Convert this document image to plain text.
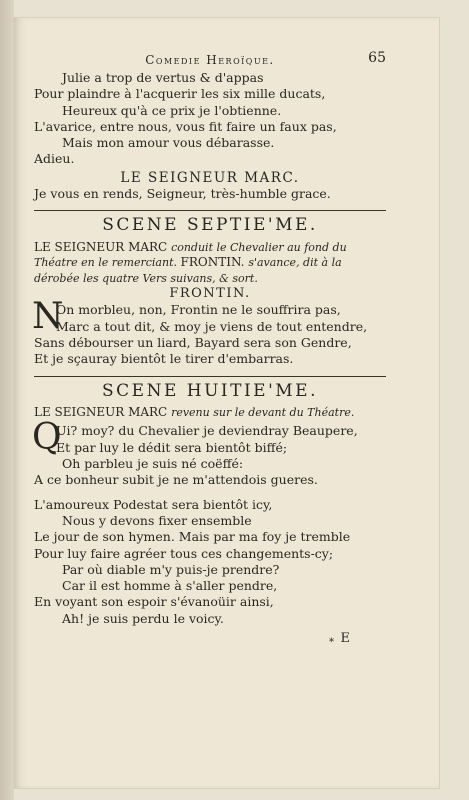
Comedie Heroïque.	65
Julie a trop de vertus & d'appas
Pour plaindre à l'acquerir les six mille ducats,
Heureux qu'à ce prix je l'obtienne.
L'avarice, entre nous, vous fit faire un faux pas,
Mais mon amour vous débarasse.
Adieu.
LE SEIGNEUR MARC.
Je vous en rends, Seigneur, très-humble grace.
SCENE SEPTIE'ME.
LE SEIGNEUR MARC conduit le Chevalier au fond du Théatre en le remerciant. FRONTIN. s'avance, dit à la dérobée les quatre Vers suivans, & sort.
FRONTIN.
N
On morbleu, non, Frontin ne le souffrira pas,
Marc a tout dit, & moy je viens de tout entendre,
Sans débourser un liard, Bayard sera son Gendre,
Et je sçauray bientôt le tirer d'embarras.
SCENE HUITIE'ME.
LE SEIGNEUR MARC revenu sur le devant du Théatre.
Q
Ui? moy? du Chevalier je deviendray Beaupere,
Et par luy le dédit sera bientôt biffé;
Oh parbleu je suis né coëffé:
A ce bonheur subit je ne m'attendois gueres.
L'amoureux Podestat sera bientôt icy,
Nous y devons fixer ensemble
Le jour de son hymen. Mais par ma foy je tremble
Pour luy faire agréer tous ces changements-cy;
Par où diable m'y puis-je prendre?
Car il est homme à s'aller pendre,
En voyant son espoir s'évanoüir ainsi,
Ah! je suis perdu le voicy.
* E
